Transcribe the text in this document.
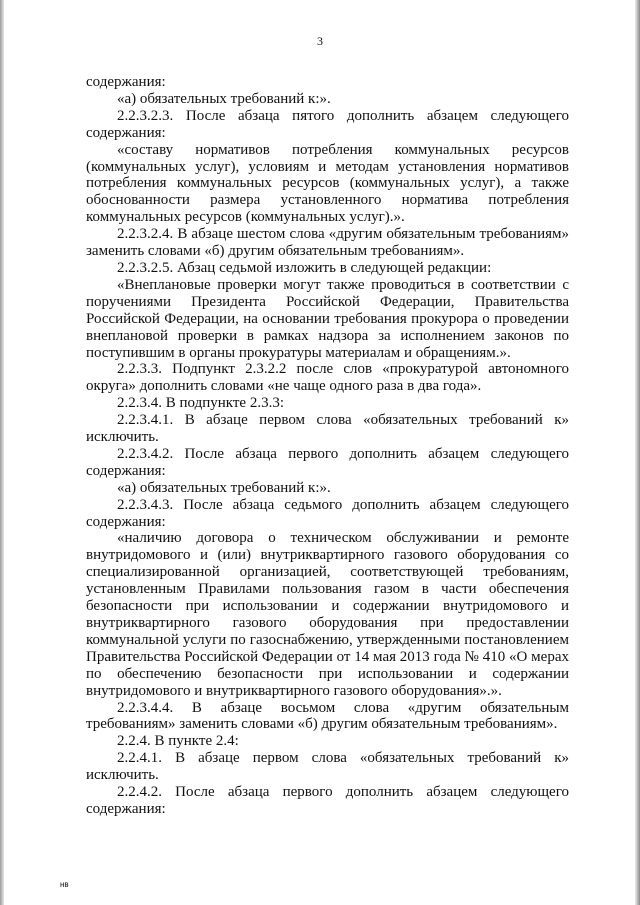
3

содержания:

«а) обязательных требований к:».

2.2.3.2.3. После абзаца пятого дополнить абзацем следующего содержания:

«составу нормативов потребления коммунальных ресурсов (коммунальных услуг), условиям и методам установления нормативов потребления коммунальных ресурсов (коммунальных услуг), а также обоснованности размера установленного норматива потребления коммунальных ресурсов (коммунальных услуг).».

2.2.3.2.4. В абзаце шестом слова «другим обязательным требованиям» заменить словами «б) другим обязательным требованиям».

2.2.3.2.5. Абзац седьмой изложить в следующей редакции:

«Внеплановые проверки могут также проводиться в соответствии с поручениями Президента Российской Федерации, Правительства Российской Федерации, на основании требования прокурора о проведении внеплановой проверки в рамках надзора за исполнением законов по поступившим в органы прокуратуры материалам и обращениям.».

2.2.3.3. Подпункт 2.3.2.2 после слов «прокуратурой автономного округа» дополнить словами «не чаще одного раза в два года».

2.2.3.4. В подпункте 2.3.3:

2.2.3.4.1. В абзаце первом слова «обязательных требований к» исключить.

2.2.3.4.2. После абзаца первого дополнить абзацем следующего содержания:

«а) обязательных требований к:».

2.2.3.4.3. После абзаца седьмого дополнить абзацем следующего содержания:

«наличию договора о техническом обслуживании и ремонте внутридомового и (или) внутриквартирного газового оборудования со специализированной организацией, соответствующей требованиям, установленным Правилами пользования газом в части обеспечения безопасности при использовании и содержании внутридомового и внутриквартирного газового оборудования при предоставлении коммунальной услуги по газоснабжению, утвержденными постановлением Правительства Российской Федерации от 14 мая 2013 года № 410 «О мерах по обеспечению безопасности при использовании и содержании внутридомового и внутриквартирного газового оборудования».».

2.2.3.4.4. В абзаце восьмом слова «другим обязательным требованиям» заменить словами «б) другим обязательным требованиям».

2.2.4. В пункте 2.4:

2.2.4.1. В абзаце первом слова «обязательных требований к» исключить.

2.2.4.2. После абзаца первого дополнить абзацем следующего содержания:

нв
